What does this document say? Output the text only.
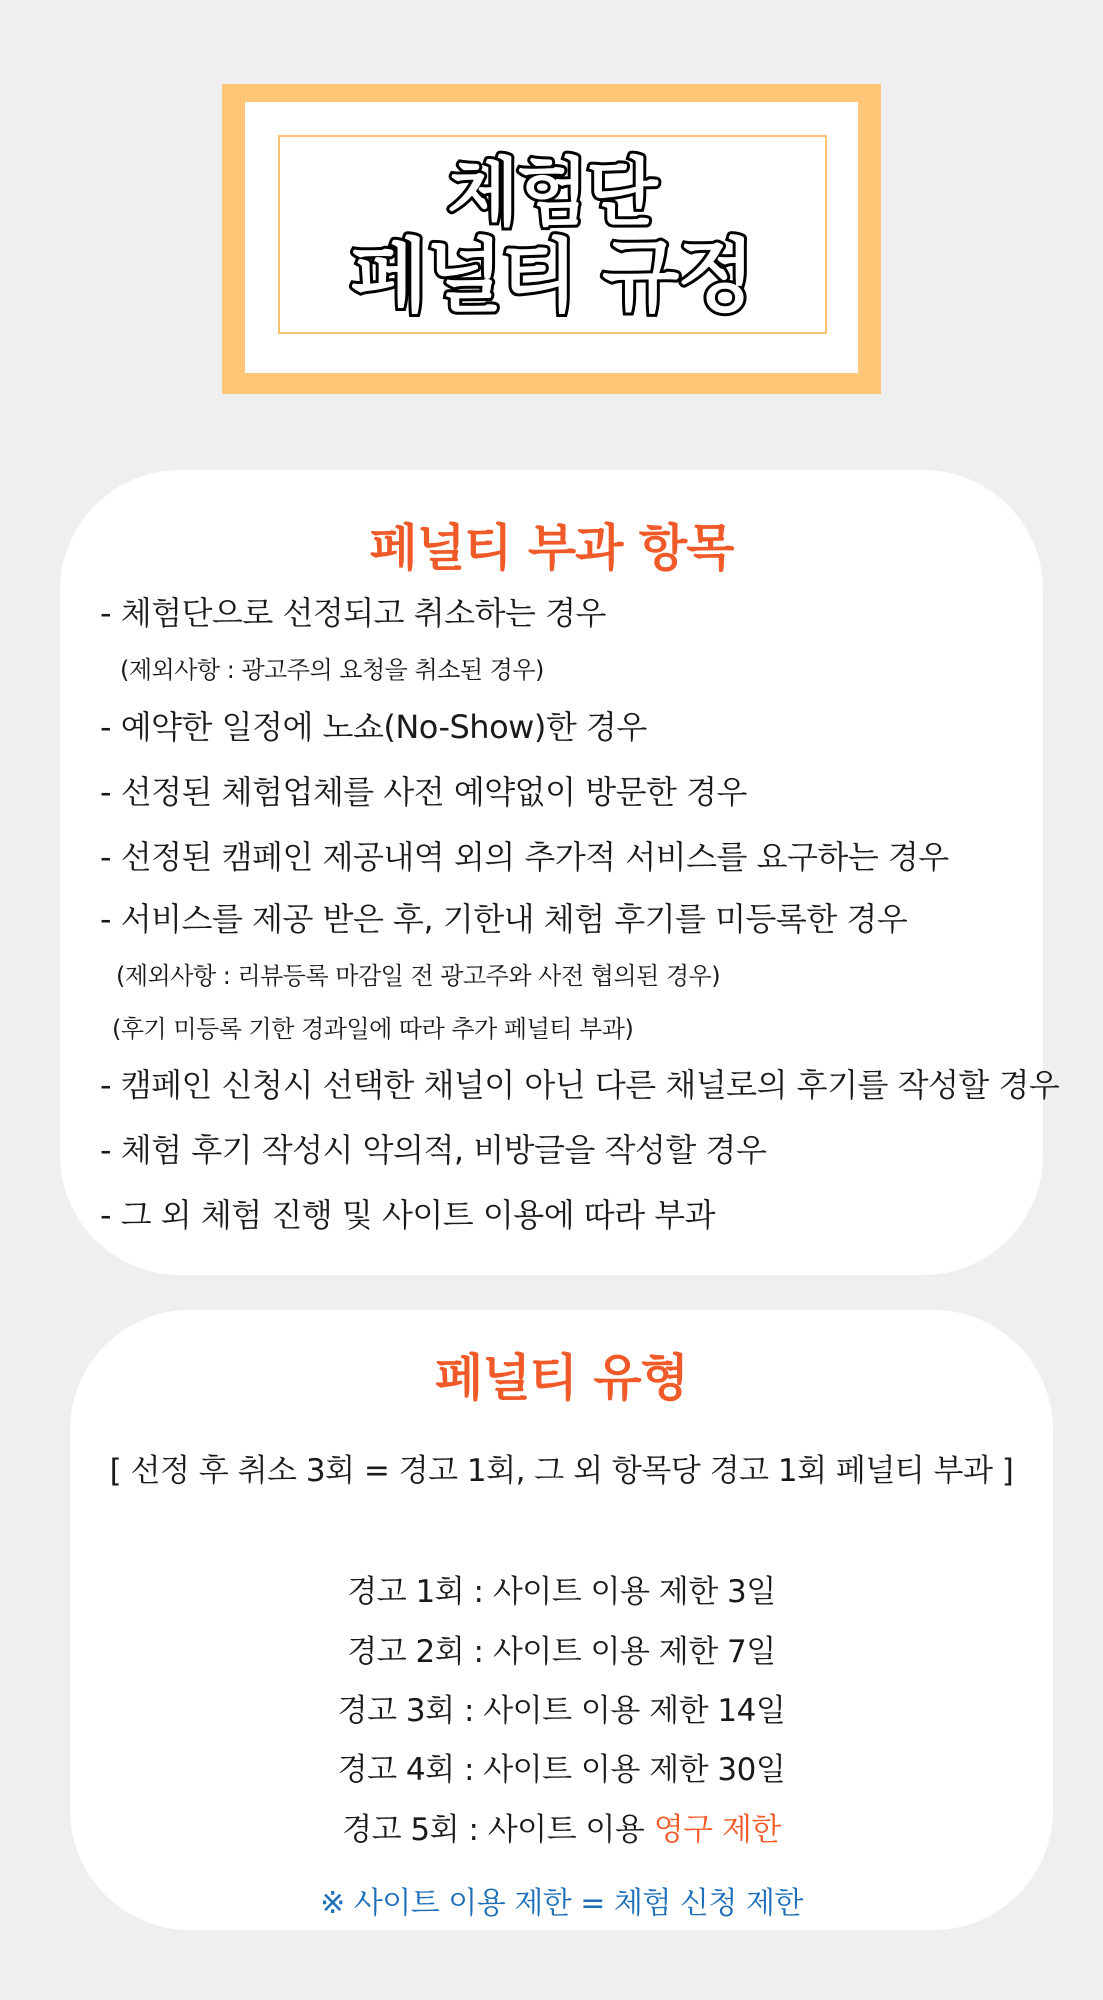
체험단
페널티 규정
페널티 부과 항목
- 체험단으로 선정되고 취소하는 경우
(제외사항 : 광고주의 요청을 취소된 경우)
- 예약한 일정에 노쇼(No-Show)한 경우
- 선정된 체험업체를 사전 예약없이 방문한 경우
- 선정된 캠페인 제공내역 외의 추가적 서비스를 요구하는 경우
- 서비스를 제공 받은 후, 기한내 체험 후기를 미등록한 경우
(제외사항 : 리뷰등록 마감일 전 광고주와 사전 협의된 경우)
(후기 미등록 기한 경과일에 따라 추가 페널티 부과)
- 캠페인 신청시 선택한 채널이 아닌 다른 채널로의 후기를 작성할 경우
- 체험 후기 작성시 악의적, 비방글을 작성할 경우
- 그 외 체험 진행 및 사이트 이용에 따라 부과
페널티 유형
[ 선정 후 취소 3회 = 경고 1회, 그 외 항목당 경고 1회 페널티 부과 ]
경고 1회 : 사이트 이용 제한 3일
경고 2회 : 사이트 이용 제한 7일
경고 3회 : 사이트 이용 제한 14일
경고 4회 : 사이트 이용 제한 30일
경고 5회 : 사이트 이용 영구 제한
※ 사이트 이용 제한 = 체험 신청 제한
